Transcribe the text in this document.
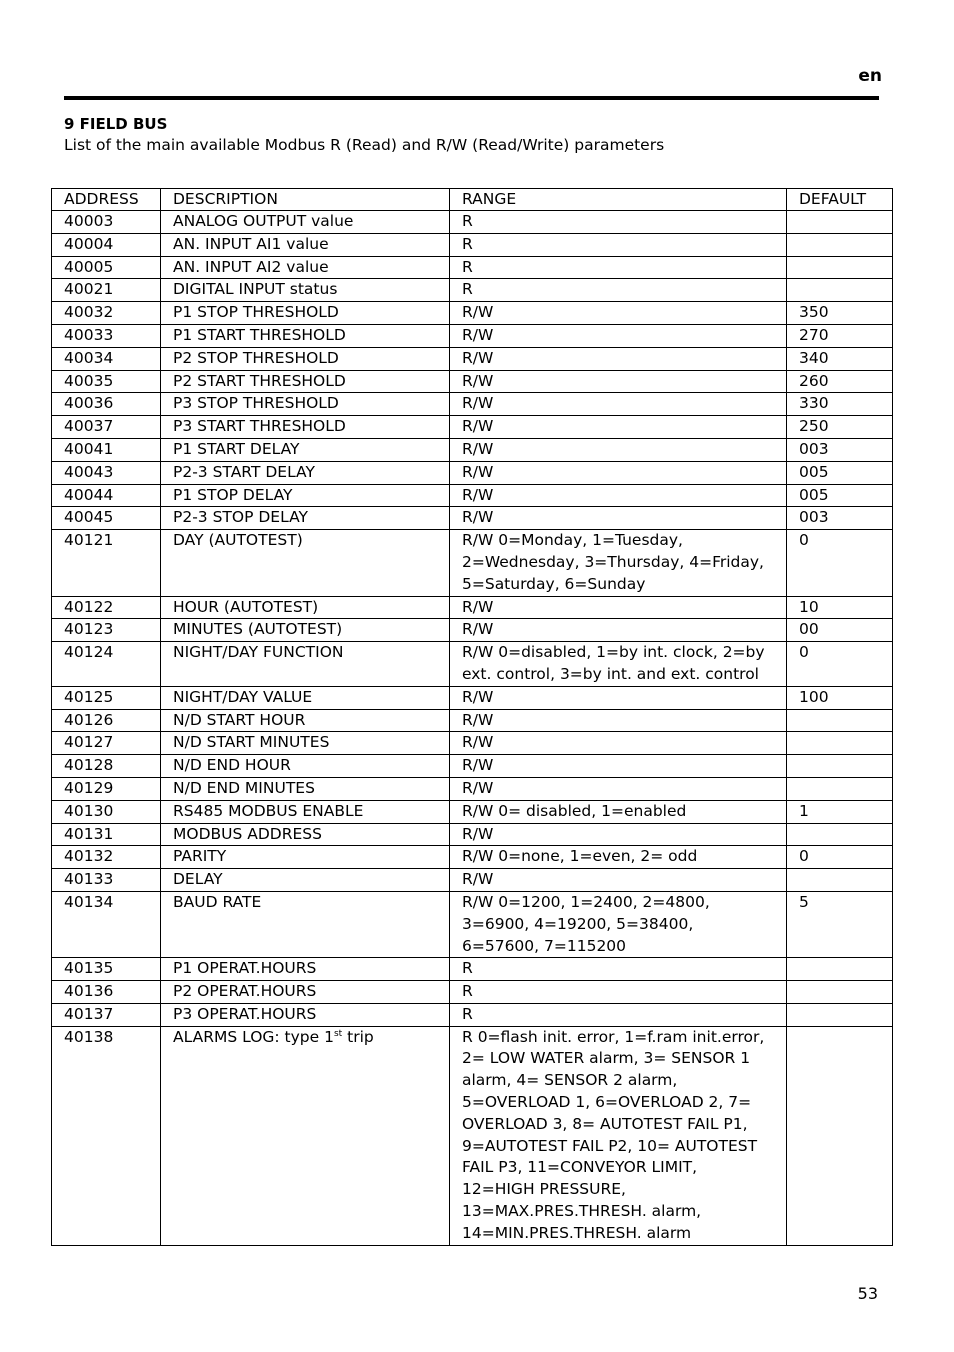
en
9 FIELD BUS
List of the main available Modbus R (Read) and R/W (Read/Write) parameters
ADDRESS	DESCRIPTION	RANGE	DEFAULT
40003	ANALOG OUTPUT value	R	
40004	AN. INPUT AI1 value	R	
40005	AN. INPUT AI2 value	R	
40021	DIGITAL INPUT status	R	
40032	P1 STOP THRESHOLD	R/W	350
40033	P1 START THRESHOLD	R/W	270
40034	P2 STOP THRESHOLD	R/W	340
40035	P2 START THRESHOLD	R/W	260
40036	P3 STOP THRESHOLD	R/W	330
40037	P3 START THRESHOLD	R/W	250
40041	P1 START DELAY	R/W	003
40043	P2-3 START DELAY	R/W	005
40044	P1 STOP DELAY	R/W	005
40045	P2-3 STOP DELAY	R/W	003
40121	DAY (AUTOTEST)	R/W 0=Monday, 1=Tuesday, 2=Wednesday, 3=Thursday, 4=Friday, 5=Saturday, 6=Sunday	0
40122	HOUR (AUTOTEST)	R/W	10
40123	MINUTES (AUTOTEST)	R/W	00
40124	NIGHT/DAY FUNCTION	R/W 0=disabled, 1=by int. clock, 2=by ext. control, 3=by int. and ext. control	0
40125	NIGHT/DAY VALUE	R/W	100
40126	N/D START HOUR	R/W	
40127	N/D START MINUTES	R/W	
40128	N/D END HOUR	R/W	
40129	N/D END MINUTES	R/W	
40130	RS485 MODBUS ENABLE	R/W 0= disabled, 1=enabled	1
40131	MODBUS ADDRESS	R/W	
40132	PARITY	R/W 0=none, 1=even, 2= odd	0
40133	DELAY	R/W	
40134	BAUD RATE	R/W 0=1200, 1=2400, 2=4800, 3=6900, 4=19200, 5=38400, 6=57600, 7=115200	5
40135	P1 OPERAT.HOURS	R	
40136	P2 OPERAT.HOURS	R	
40137	P3 OPERAT.HOURS	R	
40138	ALARMS LOG: type 1st trip	R 0=flash init. error, 1=f.ram init.error, 2= LOW WATER alarm, 3= SENSOR 1 alarm, 4= SENSOR 2 alarm, 5=OVERLOAD 1, 6=OVERLOAD 2, 7= OVERLOAD 3, 8= AUTOTEST FAIL P1, 9=AUTOTEST FAIL P2, 10= AUTOTEST FAIL P3, 11=CONVEYOR LIMIT, 12=HIGH PRESSURE, 13=MAX.PRES.THRESH. alarm, 14=MIN.PRES.THRESH. alarm	
53
